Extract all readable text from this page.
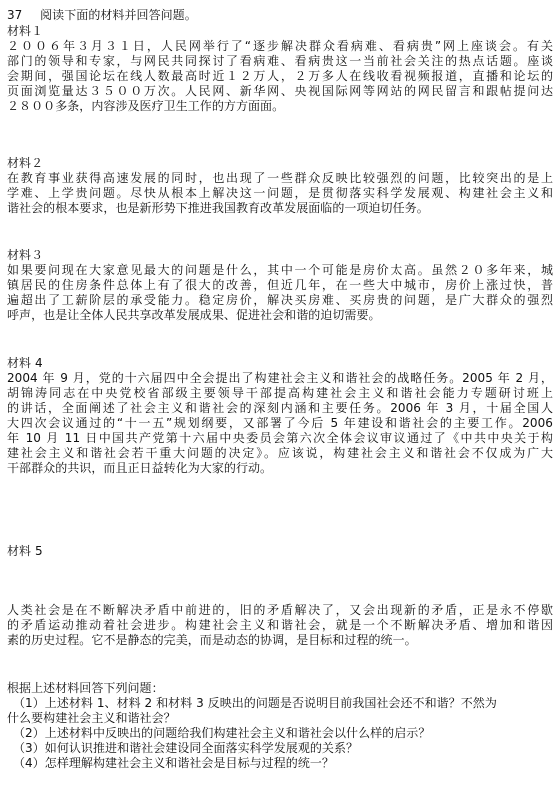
37 阅读下面的材料并回答问题。
材料１
２００６年３月３１日，人民网举行了“逐步解决群众看病难、看病贵”网上座谈会。有关
部门的领导和专家，与网民共同探讨了看病难、看病贵这一当前社会关注的热点话题。座谈
会期间，强国论坛在线人数最高时近１２万人，２万多人在线收看视频报道，直播和论坛的
页面浏览量达３５００万次。人民网、新华网、央视国际网等网站的网民留言和跟帖提问达
２８００多条，内容涉及医疗卫生工作的方方面面。
材料２
在教育事业获得高速发展的同时，也出现了一些群众反映比较强烈的问题，比较突出的是上
学难、上学贵问题。尽快从根本上解决这一问题，是贯彻落实科学发展观、构建社会主义和
谐社会的根本要求，也是新形势下推进我国教育改革发展面临的一项迫切任务。
材料３
如果要问现在大家意见最大的问题是什么，其中一个可能是房价太高。虽然２０多年来，城
镇居民的住房条件总体上有了很大的改善，但近几年，在一些大中城市，房价上涨过快，普
遍超出了工薪阶层的承受能力。稳定房价，解决买房难、买房贵的问题，是广大群众的强烈
呼声，也是让全体人民共享改革发展成果、促进社会和谐的迫切需要。
材料 4
2004 年 9 月，党的十六届四中全会提出了构建社会主义和谐社会的战略任务。2005 年 2 月，
胡锦涛同志在中央党校省部级主要领导干部提高构建社会主义和谐社会能力专题研讨班上
的讲话，全面阐述了社会主义和谐社会的深刻内涵和主要任务。2006 年 3 月，十届全国人
大四次会议通过的“十一五”规划纲要，又部署了今后 5 年建设和谐社会的主要工作。2006
年 10 月 11 日中国共产党第十六届中央委员会第六次全体会议审议通过了《中共中央关于构
建社会主义和谐社会若干重大问题的决定》。应该说，构建社会主义和谐社会不仅成为广大
干部群众的共识，而且正日益转化为大家的行动。
材料 5
人类社会是在不断解决矛盾中前进的，旧的矛盾解决了，又会出现新的矛盾，正是永不停歇
的矛盾运动推动着社会进步。构建社会主义和谐社会，就是一个不断解决矛盾、增加和谐因
素的历史过程。它不是静态的完美，而是动态的协调，是目标和过程的统一。
根据上述材料回答下列问题：
（1）上述材料 1、材料 2 和材料 3 反映出的问题是否说明目前我国社会还不和谐？不然为
什么要构建社会主义和谐社会？
（2）上述材料中反映出的问题给我们构建社会主义和谐社会以什么样的启示？
（3）如何认识推进和谐社会建设同全面落实科学发展观的关系？
（4）怎样理解构建社会主义和谐社会是目标与过程的统一？
